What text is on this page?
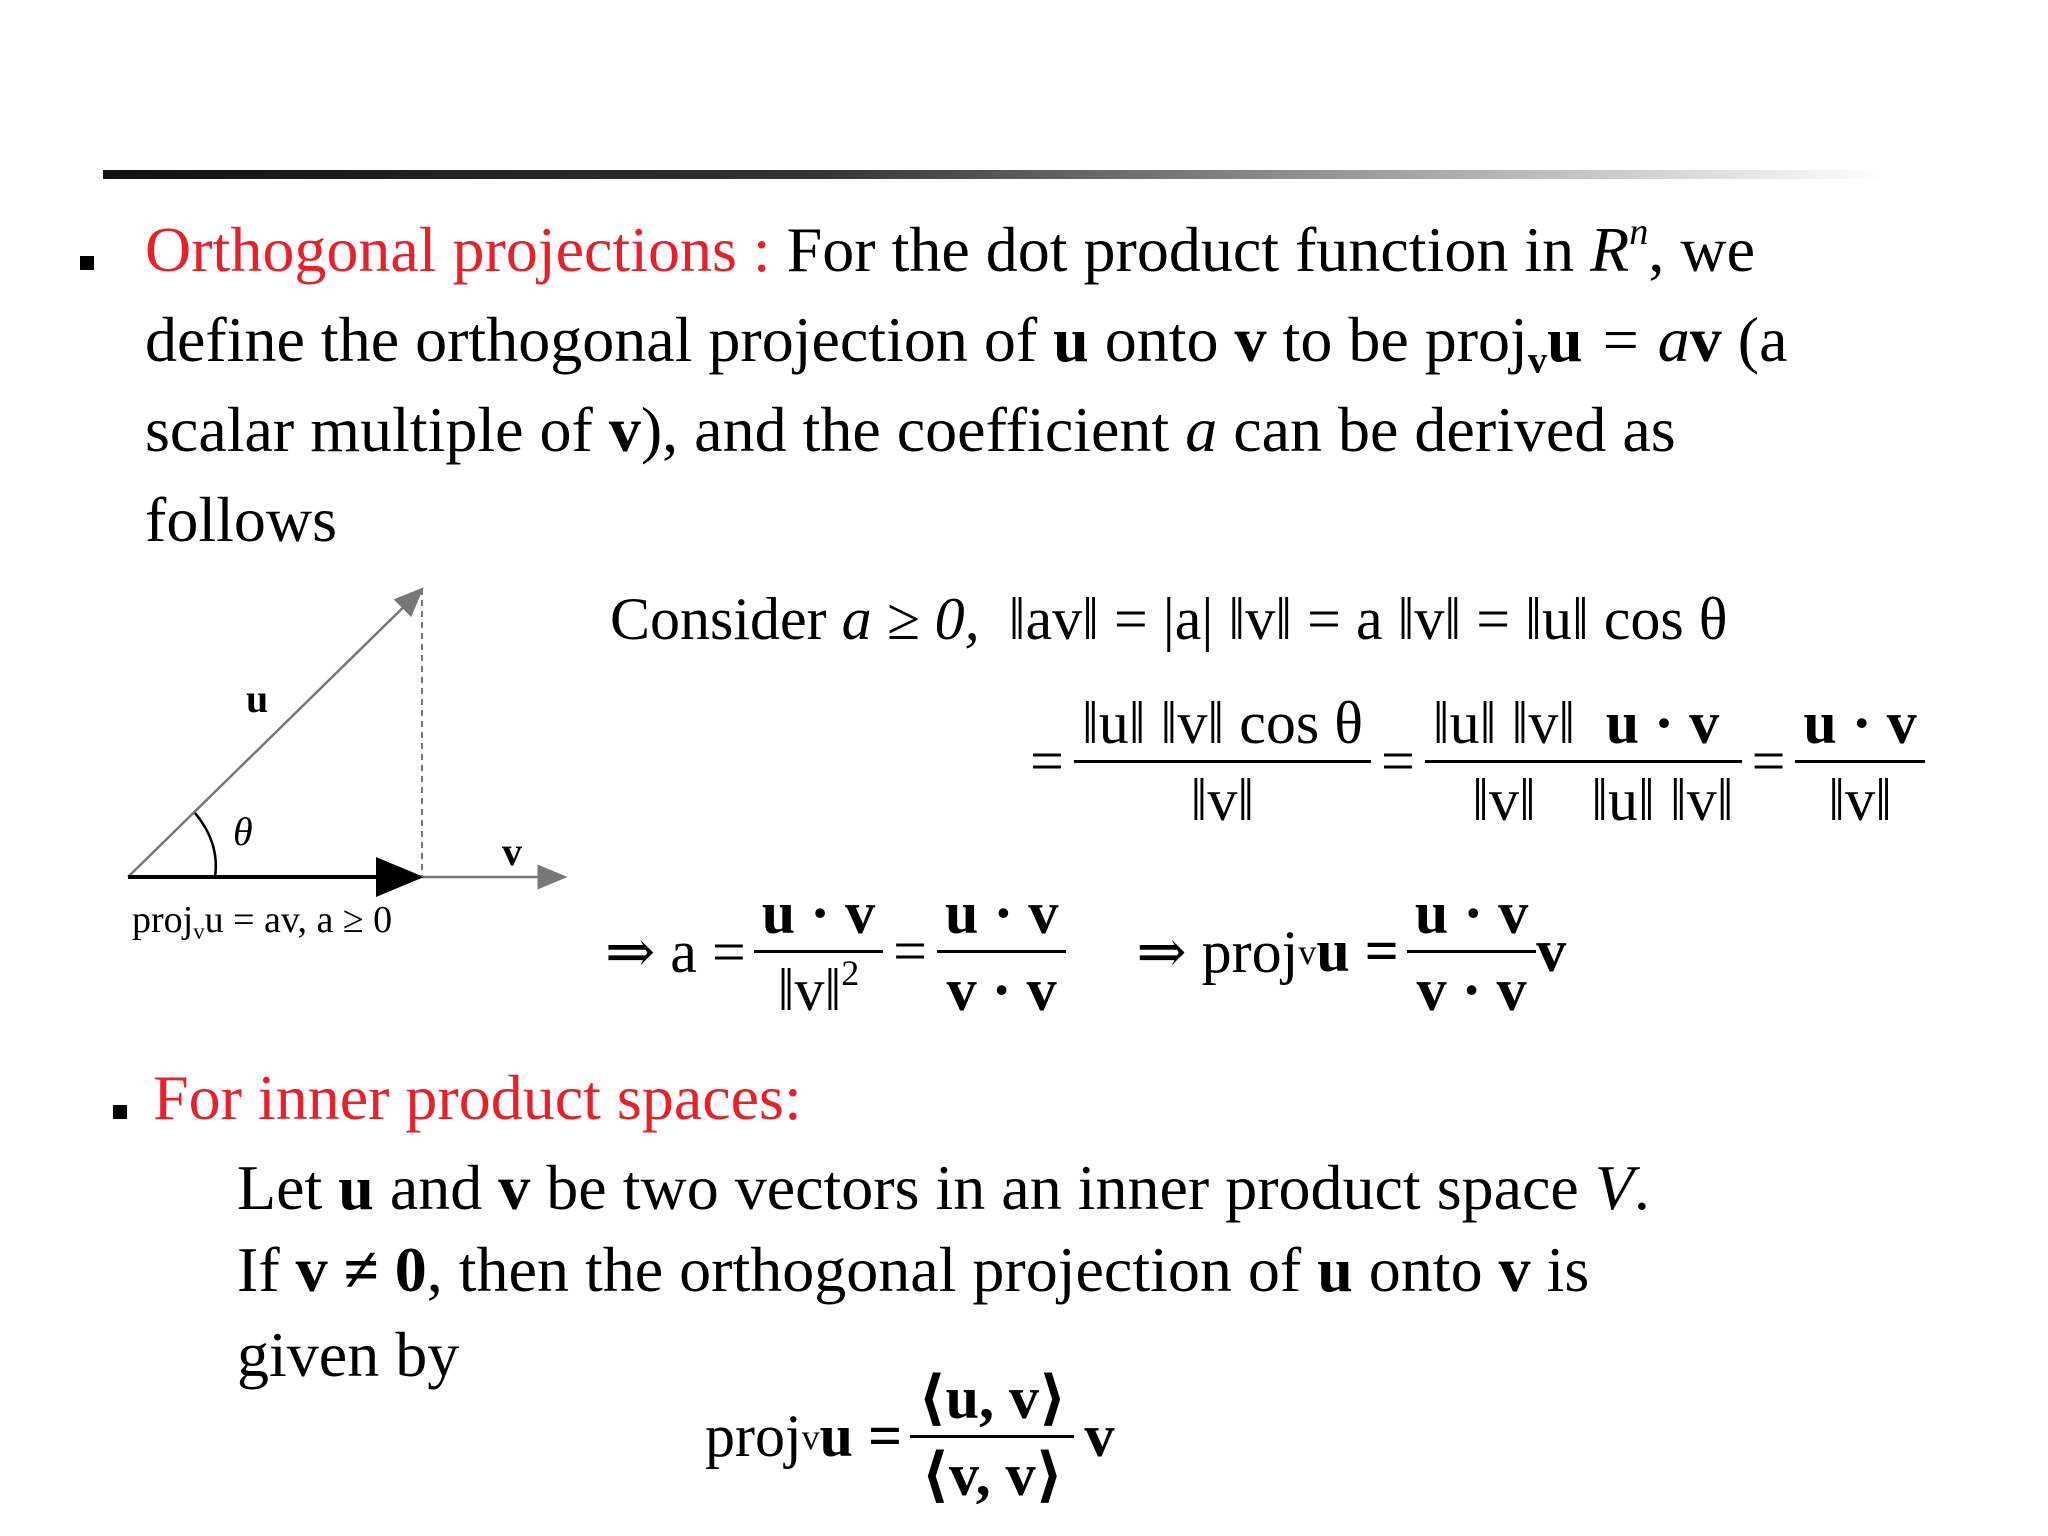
Orthogonal projections : For the dot product function in $R^n$, we
define the orthogonal projection of u onto v to be proj$_v$u = av (a
scalar multiple of v), and the coefficient a can be derived as
follows
u
θ	v
proj$_v$u = av, a ≥ 0
Consider a ≥ 0, ‖av‖ = |a| ‖v‖ = a ‖v‖ = ‖u‖ cos θ
= $\frac{\text{‖u‖ ‖v‖ cos θ}}{‖v‖} = \frac{‖u‖ ‖v‖}{‖v‖} \frac{u \cdot v}{‖u‖ ‖v‖} = \frac{u \cdot v}{‖v‖}$
⇒ $a = \frac{u \cdot v}{‖v‖^2} = \frac{u \cdot v}{v \cdot v}$	⇒ proj v $u = \frac{u \cdot v}{v \cdot v}$ v
For inner product spaces:
Let u and v be two vectors in an inner product space V.
If v ≠ 0, then the orthogonal projection of u onto v is
given by
proj v $u = \frac{⟨u, v⟩}{⟨v, v⟩}$ v
